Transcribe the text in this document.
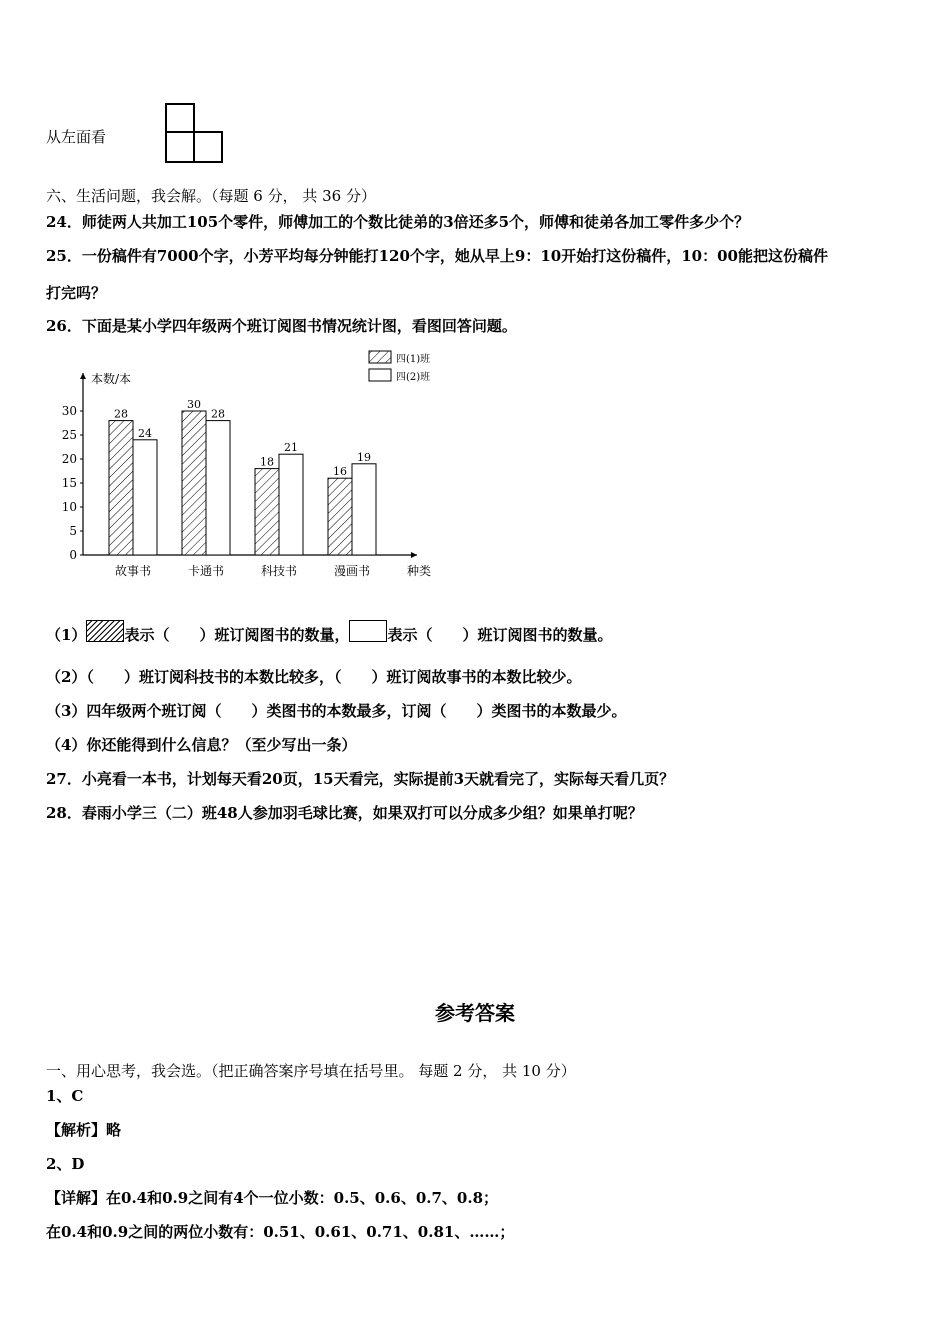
从左面看
六、生活问题，我会解。（每题 6 分， 共 36 分）
24．师徒两人共加工105个零件，师傅加工的个数比徒弟的3倍还多5个，师傅和徒弟各加工零件多少个？
25．一份稿件有7000个字，小芳平均每分钟能打120个字，她从早上9：10开始打这份稿件，10：00能把这份稿件
打完吗？
26．下面是某小学四年级两个班订阅图书情况统计图，看图回答问题。
本数/本
种类
0
5
10
15
20
25
30	28
24
故事书
30
28
卡通书
18
21
科技书
16
19
漫画书
四(1)班
四(2)班
（1）	表示（　　）班订阅图书的数量，	表示（　　）班订阅图书的数量。
（2）（　　）班订阅科技书的本数比较多，（　　）班订阅故事书的本数比较少。
（3）四年级两个班订阅（　　）类图书的本数最多，订阅（　　）类图书的本数最少。
（4）你还能得到什么信息？（至少写出一条）
27．小亮看一本书，计划每天看20页，15天看完，实际提前3天就看完了，实际每天看几页？
28．春雨小学三（二）班48人参加羽毛球比赛，如果双打可以分成多少组？如果单打呢？
参考答案
一、用心思考，我会选。（把正确答案序号填在括号里。 每题 2 分， 共 10 分）
1、C
【解析】略
2、D
【详解】在0.4和0.9之间有4个一位小数：0.5、0.6、0.7、0.8；
在0.4和0.9之间的两位小数有：0.51、0.61、0.71、0.81、……；
